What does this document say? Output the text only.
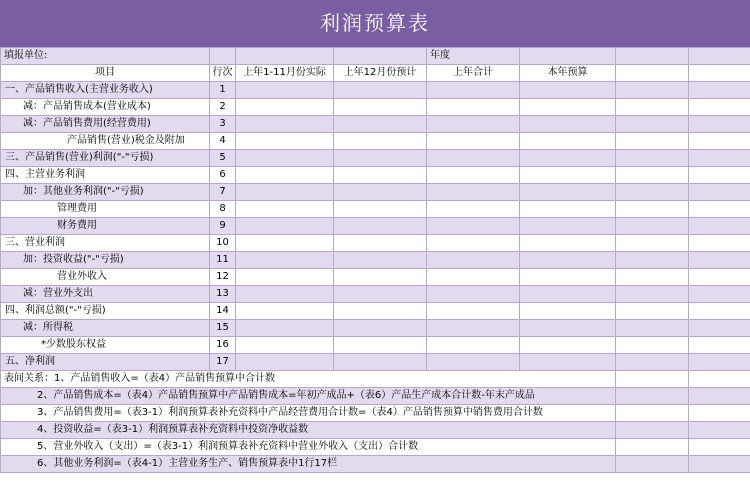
利润预算表
填报单位:				年度			
项目	行次	上年1-11月份实际	上年12月份预计	上年合计	本年预算		
一、产品销售收入(主营业务收入)	1						
减：产品销售成本(营业成本)	2						
减：产品销售费用(经营费用)	3						
产品销售(营业)税金及附加	4						
三、产品销售(营业)利润("-"亏损)	5						
四、主营业务利润	6						
加：其他业务利润("-"亏损)	7						
管理费用	8						
财务费用	9						
三、营业利润	10						
加：投资收益("-"亏损)	11						
营业外收入	12						
减：营业外支出	13						
四、利润总额("-"亏损)	14						
减：所得税	15						
*少数股东权益	16						
五、净利润	17						
表间关系：1、产品销售收入=（表4）产品销售预算中合计数							
2、产品销售成本=（表4）产品销售预算中产品销售成本=年初产成品+（表6）产品生产成本合计数-年末产成品							
3、产品销售费用=（表3-1）利润预算表补充资料中产品经营费用合计数=（表4）产品销售预算中销售费用合计数							
4、投资收益=（表3-1）利润预算表补充资料中投资净收益数							
5、营业外收入（支出）=（表3-1）利润预算表补充资料中营业外收入（支出）合计数							
6、其他业务利润=（表4-1）主营业务生产、销售预算表中1行17栏							
